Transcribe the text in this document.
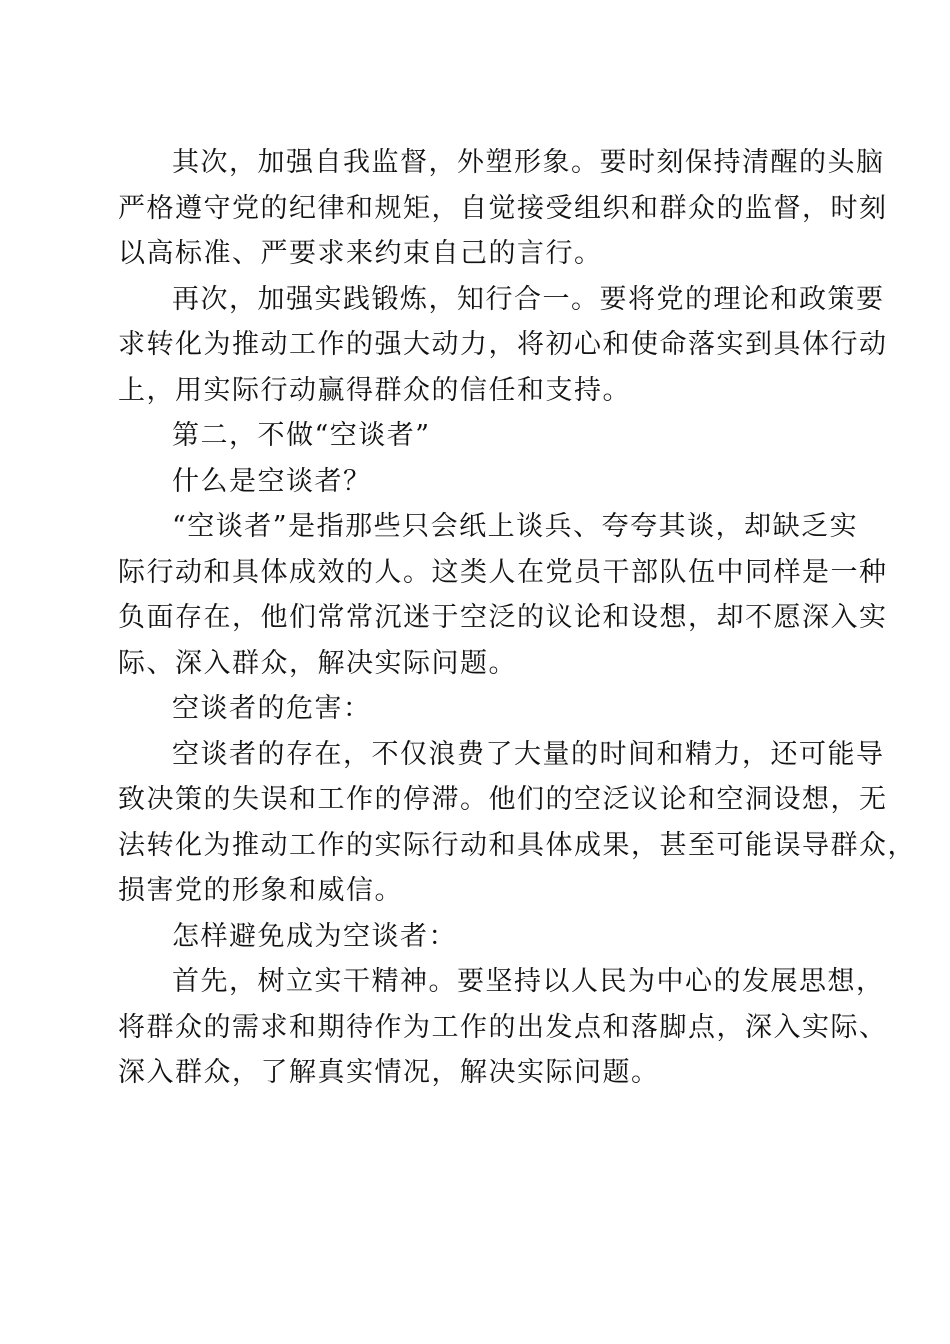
其次，加强自我监督，外塑形象。要时刻保持清醒的头脑
严格遵守党的纪律和规矩，自觉接受组织和群众的监督，时刻
以高标准、严要求来约束自己的言行。
再次，加强实践锻炼，知行合一。要将党的理论和政策要
求转化为推动工作的强大动力，将初心和使命落实到具体行动
上，用实际行动赢得群众的信任和支持。
第二，不做“空谈者”
什么是空谈者？
“空谈者”是指那些只会纸上谈兵、夸夸其谈，却缺乏实
际行动和具体成效的人。这类人在党员干部队伍中同样是一种
负面存在，他们常常沉迷于空泛的议论和设想，却不愿深入实
际、深入群众，解决实际问题。
空谈者的危害：
空谈者的存在，不仅浪费了大量的时间和精力，还可能导
致决策的失误和工作的停滞。他们的空泛议论和空洞设想，无
法转化为推动工作的实际行动和具体成果，甚至可能误导群众，
损害党的形象和威信。
怎样避免成为空谈者：
首先，树立实干精神。要坚持以人民为中心的发展思想，
将群众的需求和期待作为工作的出发点和落脚点，深入实际、
深入群众，了解真实情况，解决实际问题。
